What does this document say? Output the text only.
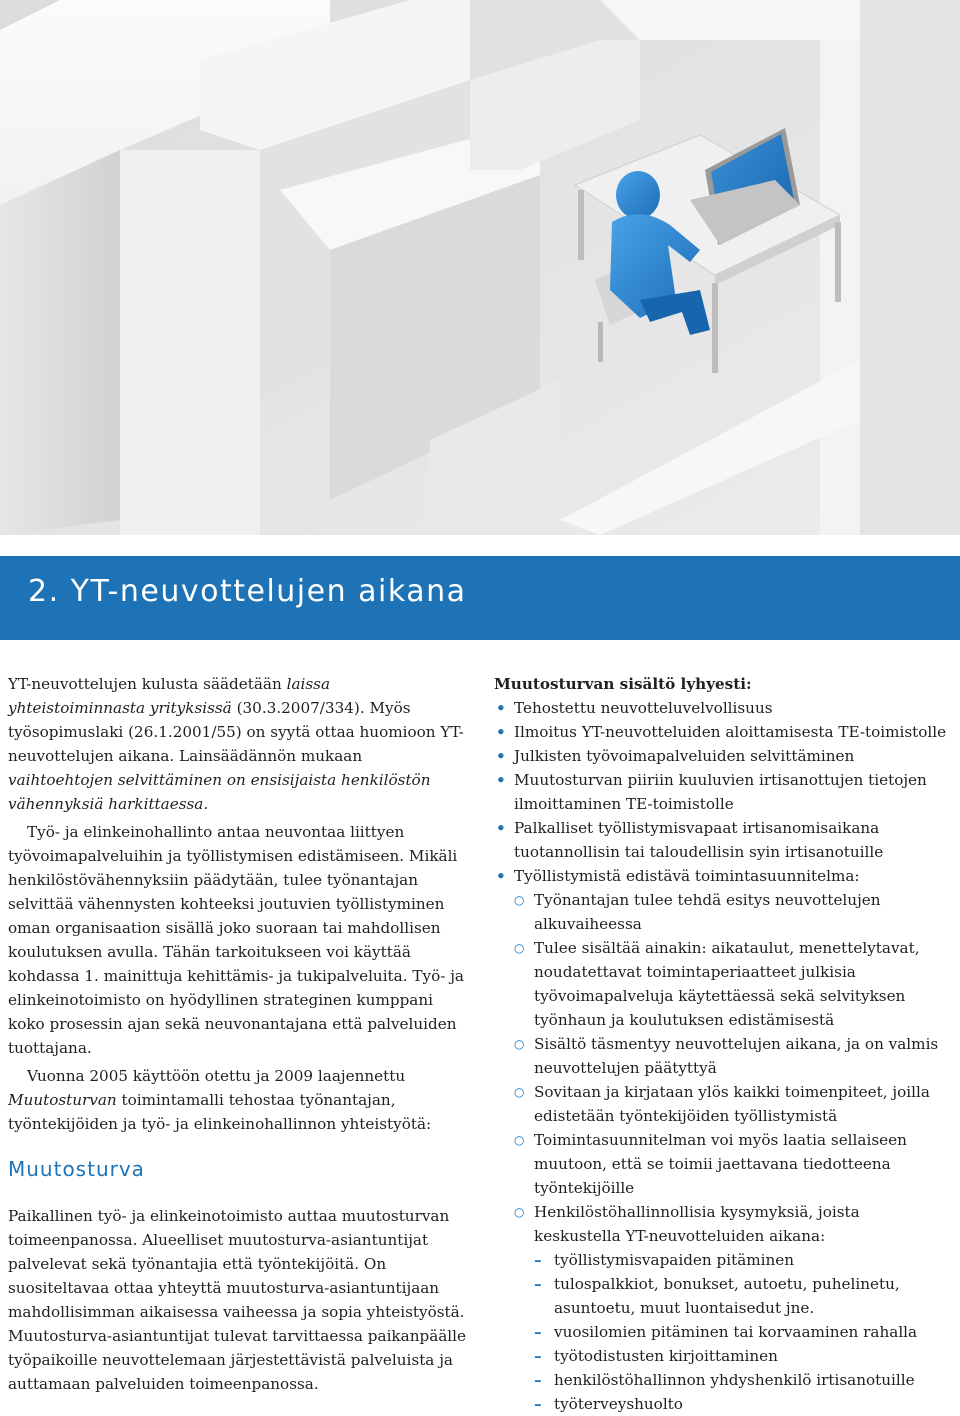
2. YT-neuvottelujen aikana

YT-neuvottelujen kulusta säädetään laissa yhteistoiminnasta yrityksissä (30.3.2007/334). Myös työsopimuslaki (26.1.2001/55) on syytä ottaa huomioon YT-neuvottelujen aikana. Lainsäädännön mukaan vaihtoehtojen selvittäminen on ensisijaista henkilöstön vähennyksiä harkittaessa.

Työ- ja elinkeinohallinto antaa neuvontaa liittyen työvoimapalveluihin ja työllistymisen edistämiseen. Mikäli henkilöstövähennyksiin päädytään, tulee työnantajan selvittää vähennysten kohteeksi joutuvien työllistyminen oman organisaation sisällä joko suoraan tai mahdollisen koulutuksen avulla. Tähän tarkoitukseen voi käyttää kohdassa 1. mainittuja kehittämis- ja tukipalveluita. Työ- ja elinkeinotoimisto on hyödyllinen strateginen kumppani koko prosessin ajan sekä neuvonantajana että palveluiden tuottajana.

Vuonna 2005 käyttöön otettu ja 2009 laajennettu Muutosturvan toimintamalli tehostaa työnantajan, työntekijöiden ja työ- ja elinkeinohallinnon yhteistyötä:

Muutosturva

Paikallinen työ- ja elinkeinotoimisto auttaa muutosturvan toimeenpanossa. Alueelliset muutosturva-asiantuntijat palvelevat sekä työnantajia että työntekijöitä. On suositeltavaa ottaa yhteyttä muutosturva-asiantuntijaan mahdollisimman aikaisessa vaiheessa ja sopia yhteistyöstä. Muutosturva-asiantuntijat tulevat tarvittaessa paikanpäälle työpaikoille neuvottelemaan järjestettävistä palveluista ja auttamaan palveluiden toimeenpanossa.

Muutosturvan sisältö lyhyesti:

• Tehostettu neuvotteluvelvollisuus
• Ilmoitus YT-neuvotteluiden aloittamisesta TE-toimistolle
• Julkisten työvoimapalveluiden selvittäminen
• Muutosturvan piiriin kuuluvien irtisanottujen tietojen ilmoittaminen TE-toimistolle
• Palkalliset työllistymisvapaat irtisanomisaikana tuotannollisin tai taloudellisin syin irtisanotuille
• Työllistymistä edistävä toimintasuunnitelma:
○ Työnantajan tulee tehdä esitys neuvottelujen alkuvaiheessa
○ Tulee sisältää ainakin: aikataulut, menettelytavat, noudatettavat toimintaperiaatteet julkisia työvoimapalveluja käytettäessä sekä selvityksen työnhaun ja koulutuksen edistämisestä
○ Sisältö täsmentyy neuvottelujen aikana, ja on valmis neuvottelujen päätyttyä
○ Sovitaan ja kirjataan ylös kaikki toimenpiteet, joilla edistetään työntekijöiden työllistymistä
○ Toimintasuunnitelman voi myös laatia sellaiseen muutoon, että se toimii jaettavana tiedotteena työntekijöille
○ Henkilöstöhallinnollisia kysymyksiä, joista keskustella YT-neuvotteluiden aikana:
– työllistymisvapaiden pitäminen
– tulospalkkiot, bonukset, autoetu, puhelinetu, asuntoetu, muut luontaisedut jne.
– vuosilomien pitäminen tai korvaaminen rahalla
– työtodistusten kirjoittaminen
– henkilöstöhallinnon yhdyshenkilö irtisanotuille
– työterveyshuolto
